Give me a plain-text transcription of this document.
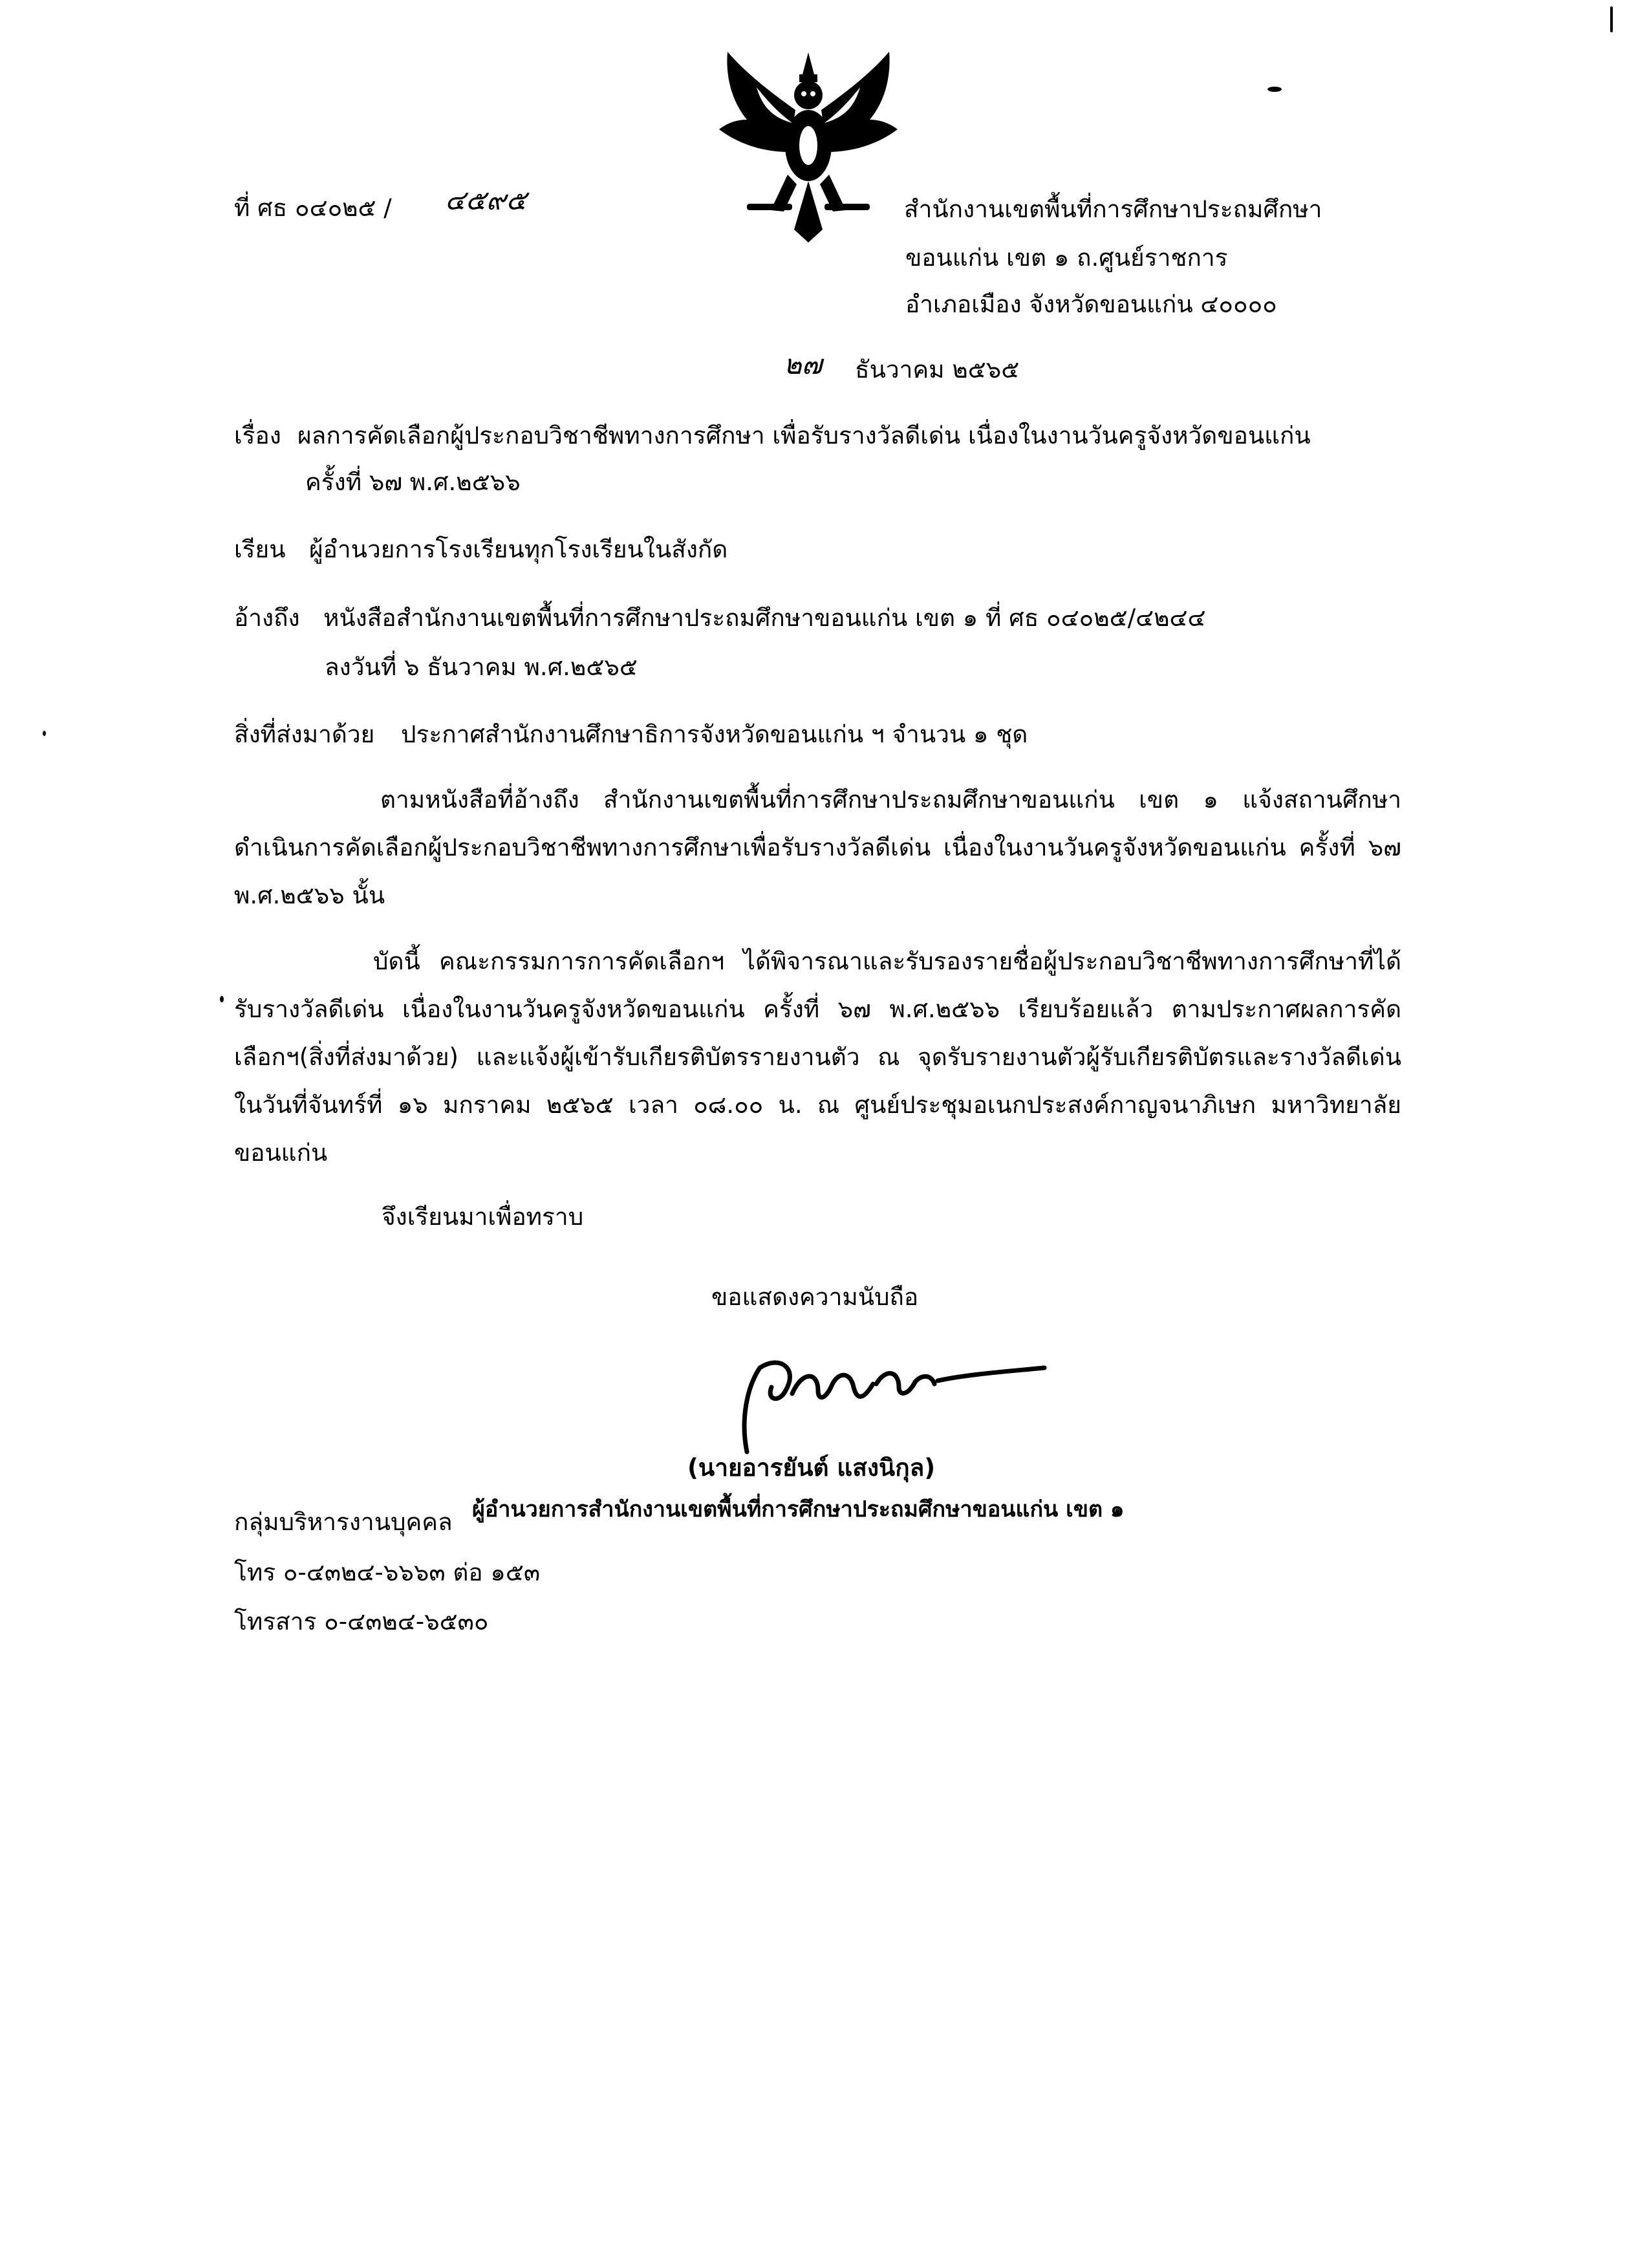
ที่ ศธ ๐๔๐๒๕ / ๔๕๙๕	สำนักงานเขตพื้นที่การศึกษาประถมศึกษา
ขอนแก่น เขต ๑ ถ.ศูนย์ราชการ
อำเภอเมือง จังหวัดขอนแก่น ๔๐๐๐๐
๒๗ ธันวาคม ๒๕๖๕
เรื่อง ผลการคัดเลือกผู้ประกอบวิชาชีพทางการศึกษา เพื่อรับรางวัลดีเด่น เนื่องในงานวันครูจังหวัดขอนแก่น
ครั้งที่ ๖๗ พ.ศ.๒๕๖๖
เรียน ผู้อำนวยการโรงเรียนทุกโรงเรียนในสังกัด
อ้างถึง หนังสือสำนักงานเขตพื้นที่การศึกษาประถมศึกษาขอนแก่น เขต ๑ ที่ ศธ ๐๔๐๒๕/๔๒๔๔
ลงวันที่ ๖ ธันวาคม พ.ศ.๒๕๖๕
สิ่งที่ส่งมาด้วย ประกาศสำนักงานศึกษาธิการจังหวัดขอนแก่น ฯ จำนวน ๑ ชุด
ตามหนังสือที่อ้างถึง สำนักงานเขตพื้นที่การศึกษาประถมศึกษาขอนแก่น เขต ๑ แจ้งสถานศึกษาดำเนินการคัดเลือกผู้ประกอบวิชาชีพทางการศึกษาเพื่อรับรางวัลดีเด่น เนื่องในงานวันครูจังหวัดขอนแก่น ครั้งที่ ๖๗ พ.ศ.๒๕๖๖ นั้น
บัดนี้ คณะกรรมการการคัดเลือกฯ ได้พิจารณาและรับรองรายชื่อผู้ประกอบวิชาชีพทางการศึกษาที่ได้รับรางวัลดีเด่น เนื่องในงานวันครูจังหวัดขอนแก่น ครั้งที่ ๖๗ พ.ศ.๒๕๖๖ เรียบร้อยแล้ว ตามประกาศผลการคัดเลือกฯ(สิ่งที่ส่งมาด้วย) และแจ้งผู้เข้ารับเกียรติบัตรรายงานตัว ณ จุดรับรายงานตัวผู้รับเกียรติบัตรและรางวัลดีเด่น ในวันที่จันทร์ที่ ๑๖ มกราคม ๒๕๖๕ เวลา ๐๘.๐๐ น. ณ ศูนย์ประชุมอเนกประสงค์กาญจนาภิเษก มหาวิทยาลัยขอนแก่น
จึงเรียนมาเพื่อทราบ
ขอแสดงความนับถือ
(นายอารยันต์ แสงนิกุล)
ผู้อำนวยการสำนักงานเขตพื้นที่การศึกษาประถมศึกษาขอนแก่น เขต ๑
กลุ่มบริหารงานบุคคล
โทร ๐-๔๓๒๔-๖๖๖๓ ต่อ ๑๕๓
โทรสาร ๐-๔๓๒๔-๖๕๓๐
